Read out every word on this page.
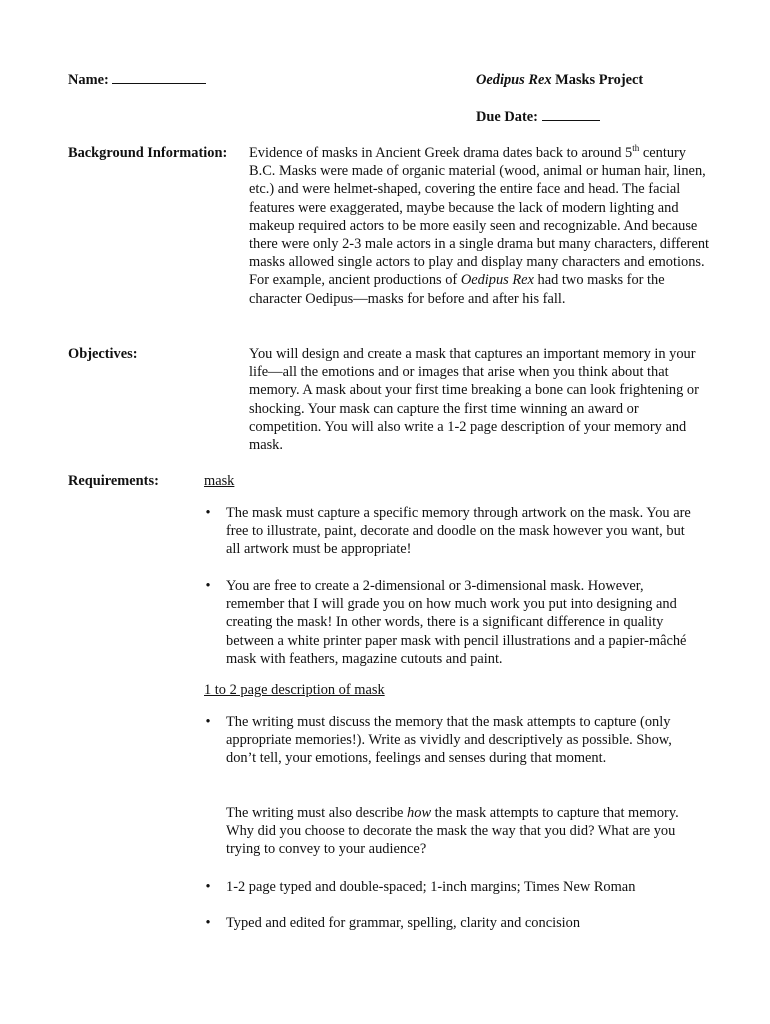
Name:	Oedipus Rex Masks Project
Due Date:
Background Information: Evidence of masks in Ancient Greek drama dates back to around 5th century B.C. Masks were made of organic material (wood, animal or human hair, linen, etc.) and were helmet-shaped, covering the entire face and head. The facial features were exaggerated, maybe because the lack of modern lighting and makeup required actors to be more easily seen and recognizable. And because there were only 2-3 male actors in a single drama but many characters, different masks allowed single actors to play and display many characters and emotions. For example, ancient productions of Oedipus Rex had two masks for the character Oedipus—masks for before and after his fall.

Objectives:	You will design and create a mask that captures an important memory in your life—all the emotions and or images that arise when you think about that memory. A mask about your first time breaking a bone can look frightening or shocking. Your mask can capture the first time winning an award or competition. You will also write a 1-2 page description of your memory and mask.

Requirements:	mask
• The mask must capture a specific memory through artwork on the mask. You are free to illustrate, paint, decorate and doodle on the mask however you want, but all artwork must be appropriate!

• You are free to create a 2-dimensional or 3-dimensional mask. However, remember that I will grade you on how much work you put into designing and creating the mask! In other words, there is a significant difference in quality between a white printer paper mask with pencil illustrations and a papier-mâché mask with feathers, magazine cutouts and paint.

1 to 2 page description of mask
• The writing must discuss the memory that the mask attempts to capture (only appropriate memories!). Write as vividly and descriptively as possible. Show, don’t tell, your emotions, feelings and senses during that moment.

The writing must also describe how the mask attempts to capture that memory. Why did you choose to decorate the mask the way that you did? What are you trying to convey to your audience?

• 1-2 page typed and double-spaced; 1-inch margins; Times New Roman

• Typed and edited for grammar, spelling, clarity and concision
